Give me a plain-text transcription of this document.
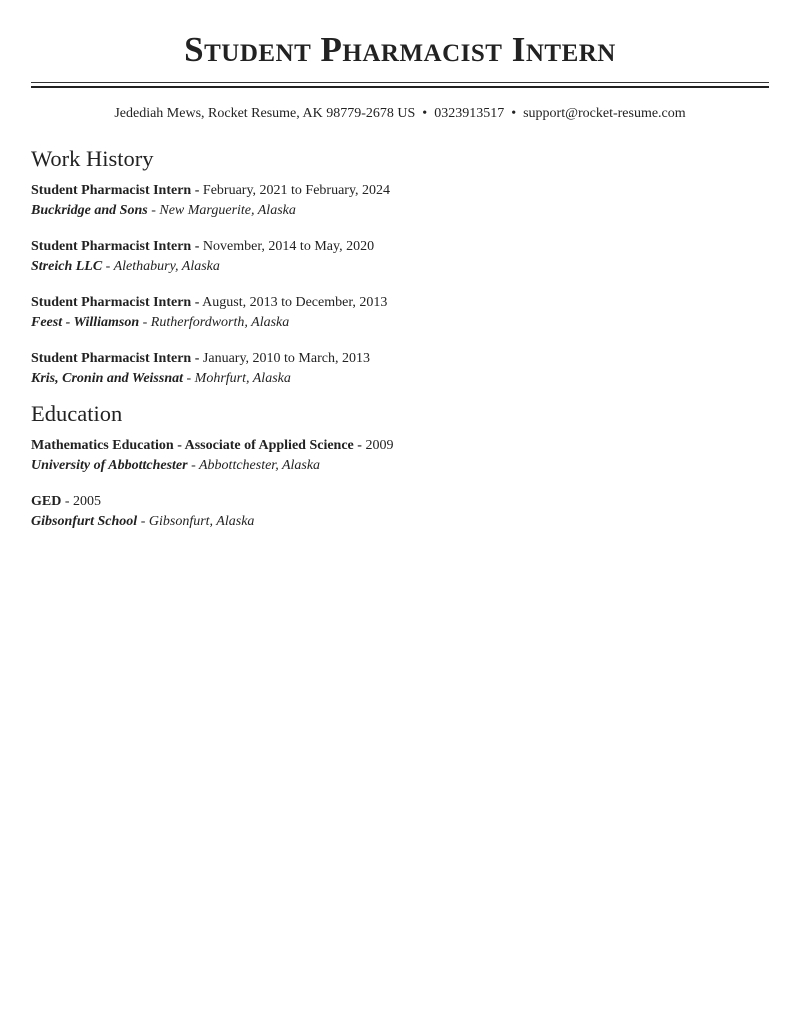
Student Pharmacist Intern
Jedediah Mews, Rocket Resume, AK 98779-2678 US • 0323913517 • support@rocket-resume.com
Work History
Student Pharmacist Intern - February, 2021 to February, 2024
Buckridge and Sons - New Marguerite, Alaska
Student Pharmacist Intern - November, 2014 to May, 2020
Streich LLC - Alethabury, Alaska
Student Pharmacist Intern - August, 2013 to December, 2013
Feest - Williamson - Rutherfordworth, Alaska
Student Pharmacist Intern - January, 2010 to March, 2013
Kris, Cronin and Weissnat - Mohrfurt, Alaska
Education
Mathematics Education - Associate of Applied Science - 2009
University of Abbottchester - Abbottchester, Alaska
GED - 2005
Gibsonfurt School - Gibsonfurt, Alaska
